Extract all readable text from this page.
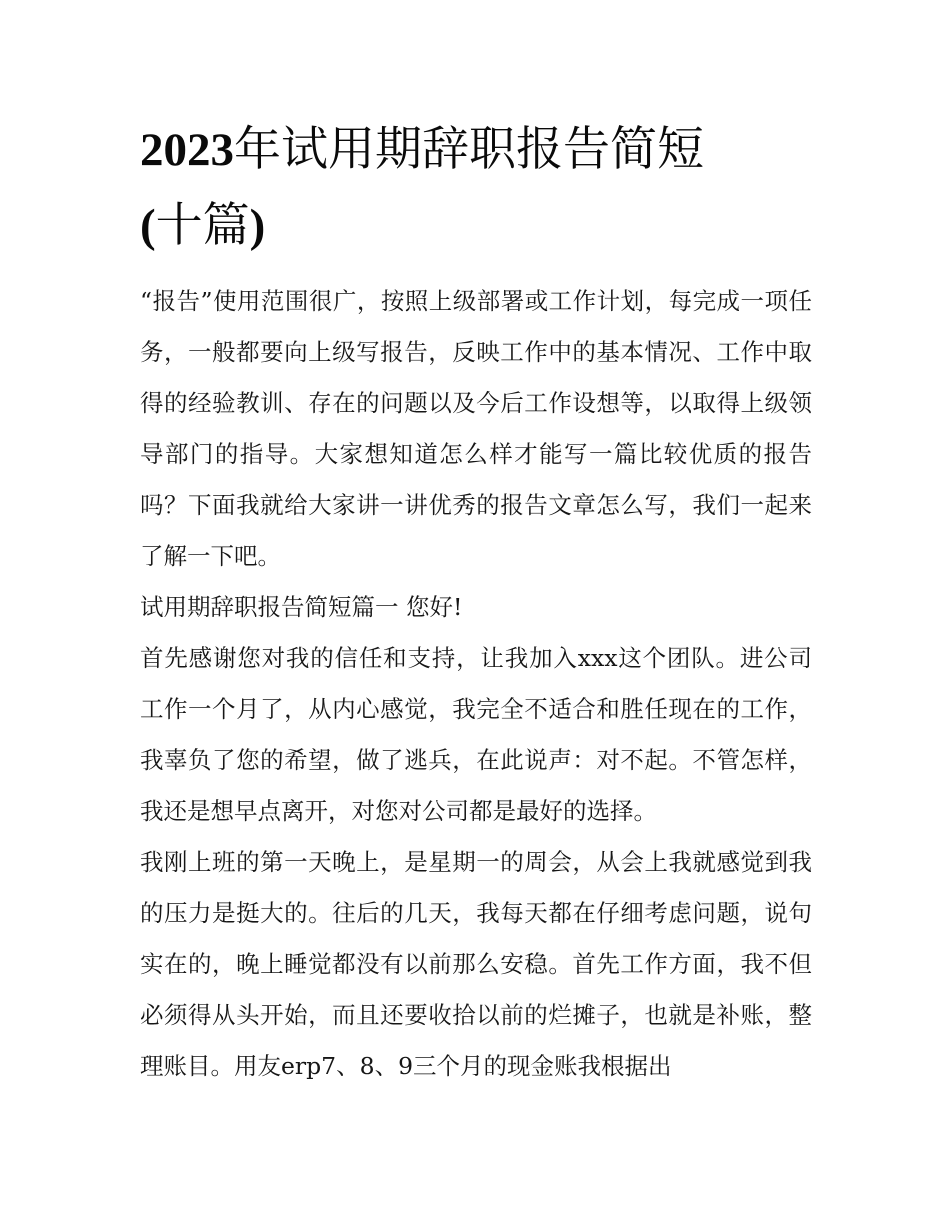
2023年试用期辞职报告简短
(十篇)

“报告”使用范围很广，按照上级部署或工作计划，每完成一项任务，一般都要向上级写报告，反映工作中的基本情况、工作中取得的经验教训、存在的问题以及今后工作设想等，以取得上级领导部门的指导。大家想知道怎么样才能写一篇比较优质的报告吗？下面我就给大家讲一讲优秀的报告文章怎么写，我们一起来了解一下吧。

试用期辞职报告简短篇一 您好!

首先感谢您对我的信任和支持，让我加入xxx这个团队。进公司工作一个月了，从内心感觉，我完全不适合和胜任现在的工作，我辜负了您的希望，做了逃兵，在此说声：对不起。不管怎样，我还是想早点离开，对您对公司都是最好的选择。

我刚上班的第一天晚上，是星期一的周会，从会上我就感觉到我的压力是挺大的。往后的几天，我每天都在仔细考虑问题，说句实在的，晚上睡觉都没有以前那么安稳。首先工作方面，我不但必须得从头开始，而且还要收拾以前的烂摊子，也就是补账，整理账目。用友erp7、8、9三个月的现金账我根据出
